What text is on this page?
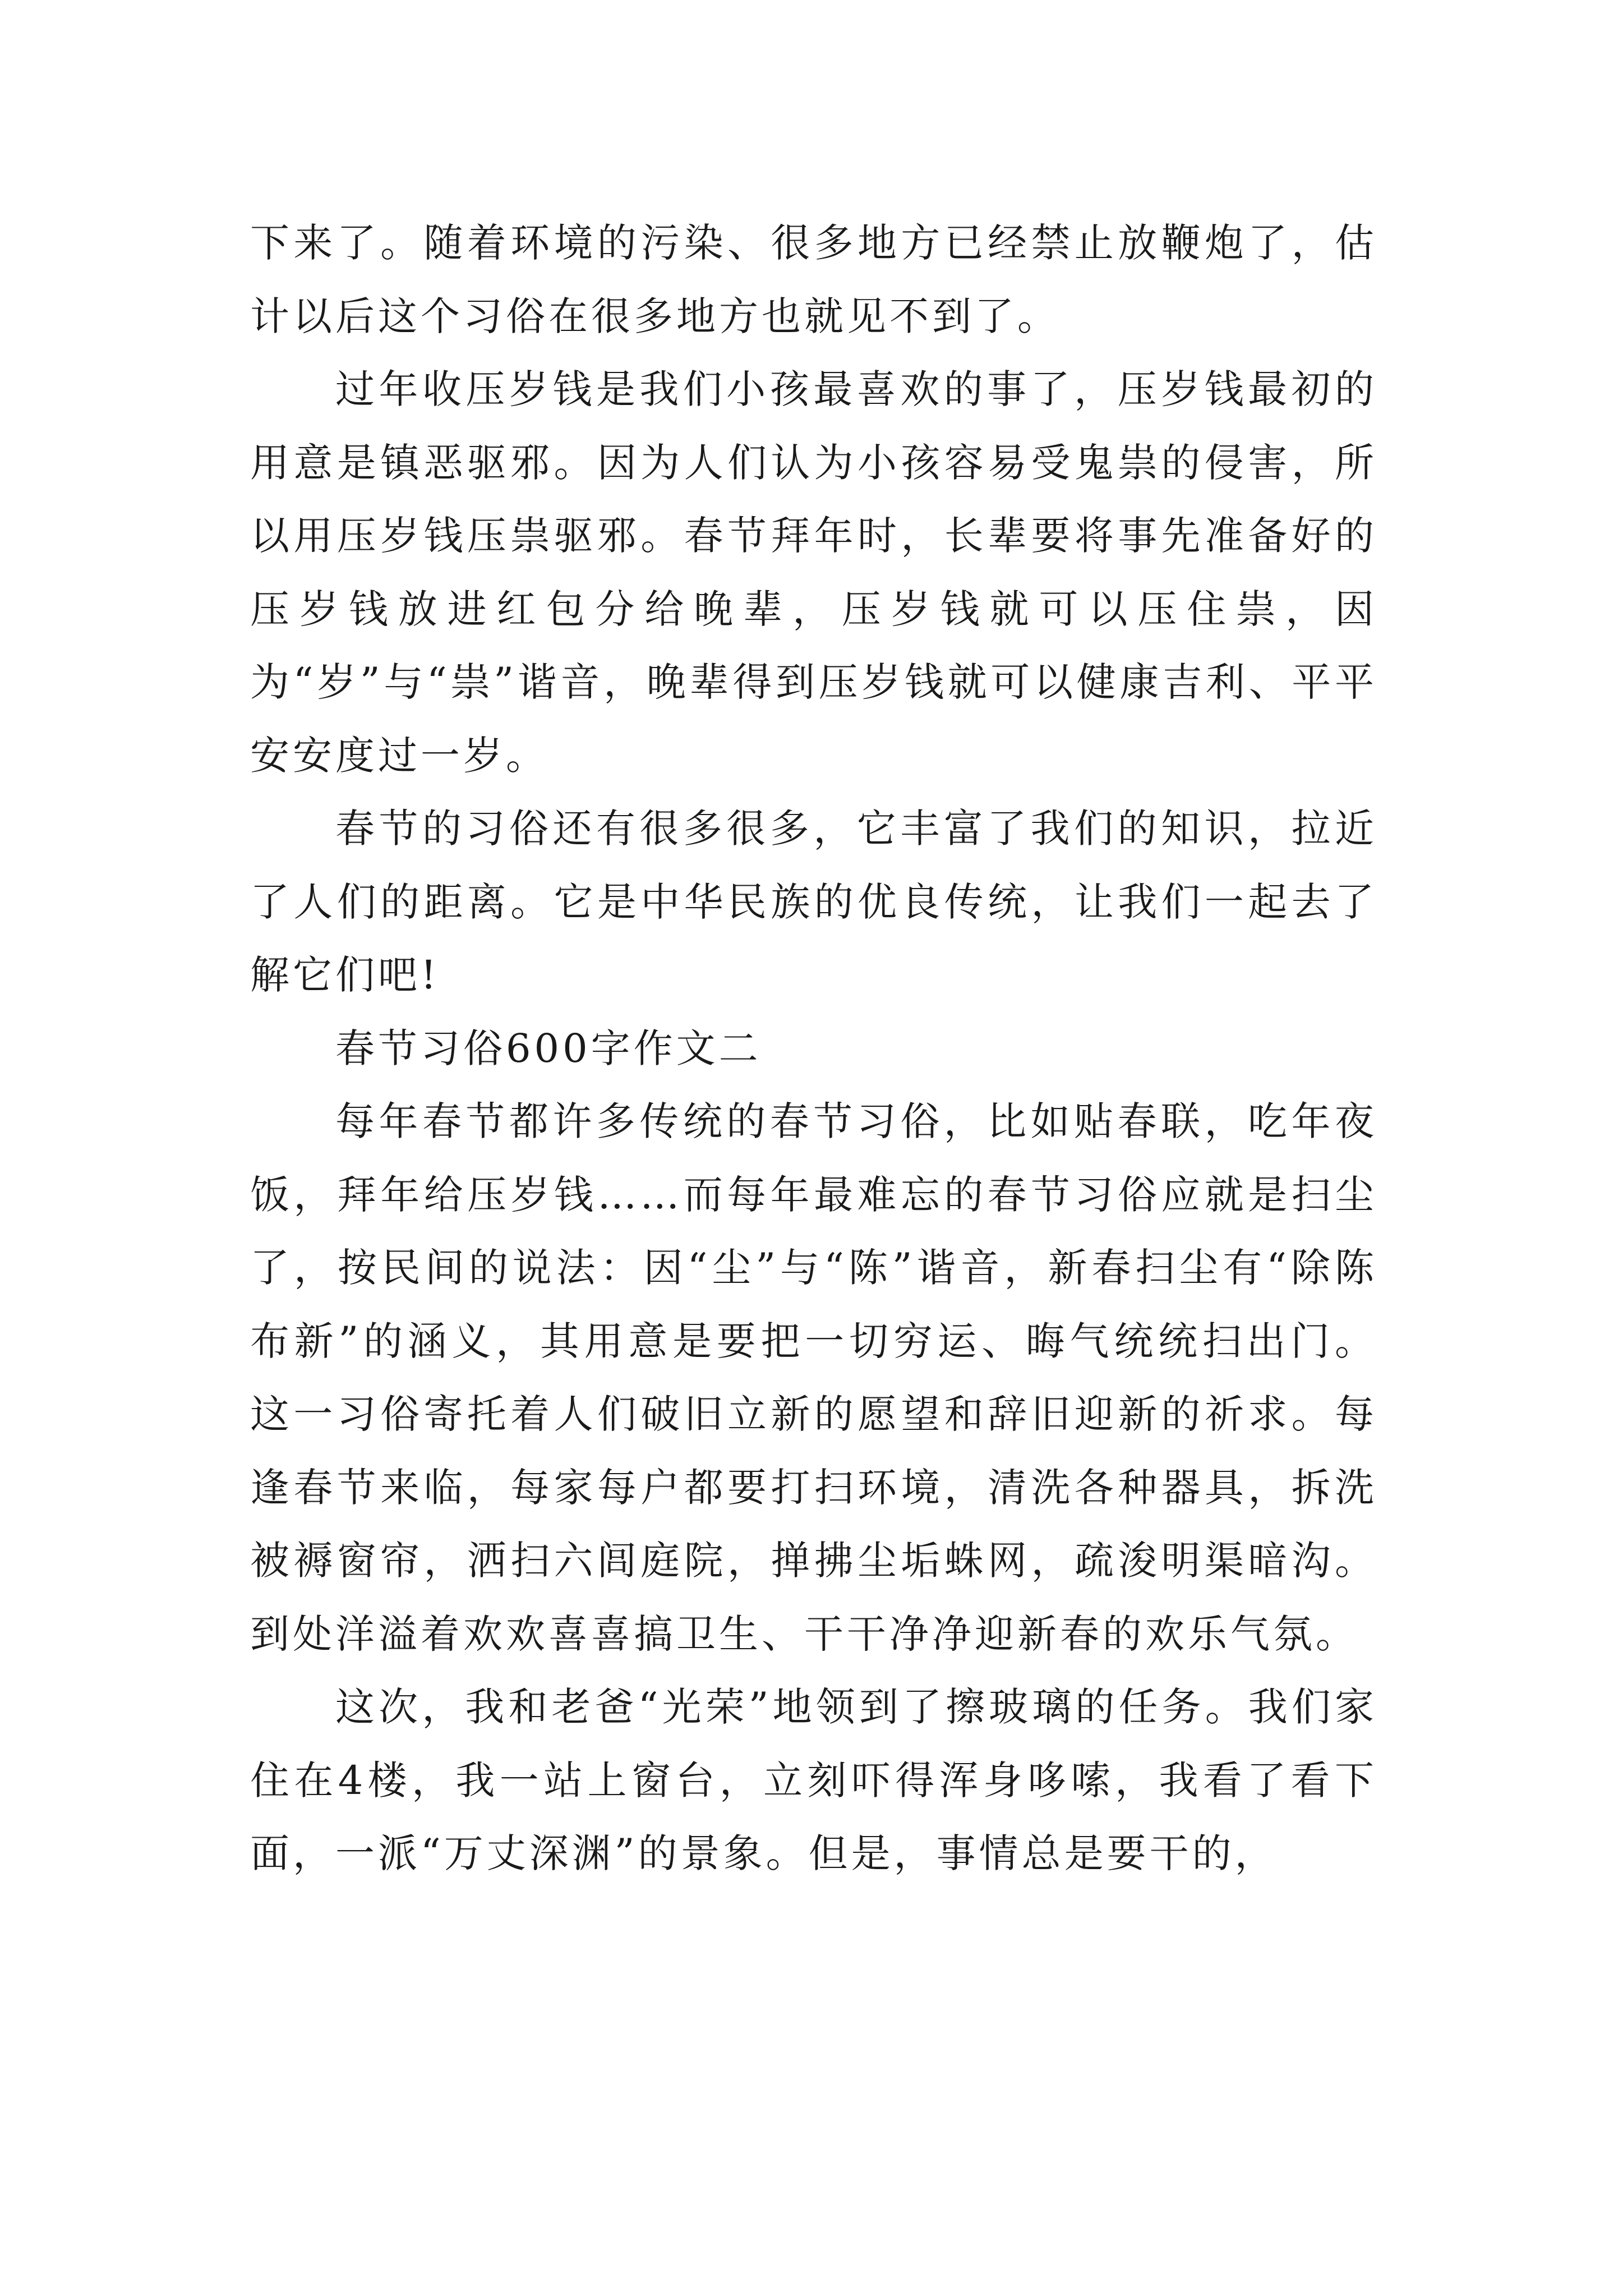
下来了。随着环境的污染、很多地方已经禁止放鞭炮了，估计以后这个习俗在很多地方也就见不到了。

过年收压岁钱是我们小孩最喜欢的事了，压岁钱最初的用意是镇恶驱邪。因为人们认为小孩容易受鬼祟的侵害，所以用压岁钱压祟驱邪。春节拜年时，长辈要将事先准备好的压岁钱放进红包分给晚辈，压岁钱就可以压住祟，因为“岁”与“祟”谐音，晚辈得到压岁钱就可以健康吉利、平平安安度过一岁。

春节的习俗还有很多很多，它丰富了我们的知识，拉近了人们的距离。它是中华民族的优良传统，让我们一起去了解它们吧!

春节习俗600字作文二

每年春节都许多传统的春节习俗，比如贴春联，吃年夜饭，拜年给压岁钱……而每年最难忘的春节习俗应就是扫尘了，按民间的说法：因“尘”与“陈”谐音，新春扫尘有“除陈布新”的涵义，其用意是要把一切穷运、晦气统统扫出门。这一习俗寄托着人们破旧立新的愿望和辞旧迎新的祈求。每逢春节来临，每家每户都要打扫环境，清洗各种器具，拆洗被褥窗帘，洒扫六闾庭院，掸拂尘垢蛛网，疏浚明渠暗沟。到处洋溢着欢欢喜喜搞卫生、干干净净迎新春的欢乐气氛。

这次，我和老爸“光荣”地领到了擦玻璃的任务。我们家住在4楼，我一站上窗台，立刻吓得浑身哆嗦，我看了看下面，一派“万丈深渊”的景象。但是，事情总是要干的，
